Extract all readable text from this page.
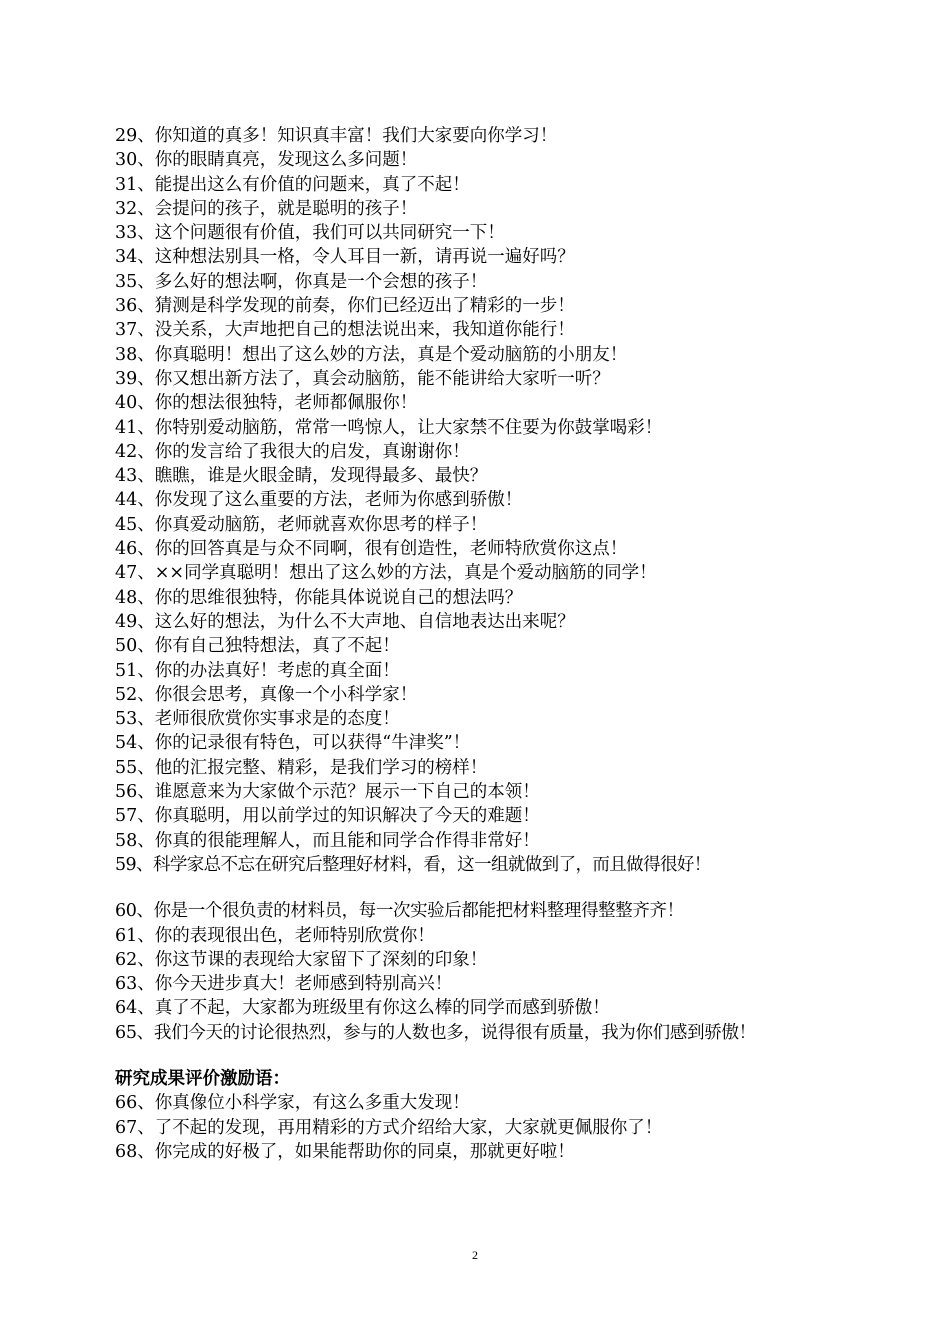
29、你知道的真多！知识真丰富！我们大家要向你学习！
30、你的眼睛真亮，发现这么多问题！
31、能提出这么有价值的问题来，真了不起！
32、会提问的孩子，就是聪明的孩子！
33、这个问题很有价值，我们可以共同研究一下！
34、这种想法别具一格，令人耳目一新，请再说一遍好吗？
35、多么好的想法啊，你真是一个会想的孩子！
36、猜测是科学发现的前奏，你们已经迈出了精彩的一步！
37、没关系，大声地把自己的想法说出来，我知道你能行！
38、你真聪明！想出了这么妙的方法，真是个爱动脑筋的小朋友！
39、你又想出新方法了，真会动脑筋，能不能讲给大家听一听？
40、你的想法很独特，老师都佩服你！
41、你特别爱动脑筋，常常一鸣惊人，让大家禁不住要为你鼓掌喝彩！
42、你的发言给了我很大的启发，真谢谢你！
43、瞧瞧，谁是火眼金睛，发现得最多、最快？
44、你发现了这么重要的方法，老师为你感到骄傲！
45、你真爱动脑筋，老师就喜欢你思考的样子！
46、你的回答真是与众不同啊，很有创造性，老师特欣赏你这点！
47、××同学真聪明！想出了这么妙的方法，真是个爱动脑筋的同学！
48、你的思维很独特，你能具体说说自己的想法吗？
49、这么好的想法，为什么不大声地、自信地表达出来呢？
50、你有自己独特想法，真了不起！
51、你的办法真好！考虑的真全面！
52、你很会思考，真像一个小科学家！
53、老师很欣赏你实事求是的态度！
54、你的记录很有特色，可以获得“牛津奖”！
55、他的汇报完整、精彩，是我们学习的榜样！
56、谁愿意来为大家做个示范？展示一下自己的本领！
57、你真聪明，用以前学过的知识解决了今天的难题！
58、你真的很能理解人，而且能和同学合作得非常好！
59、科学家总不忘在研究后整理好材料，看，这一组就做到了，而且做得很好！
60、你是一个很负责的材料员，每一次实验后都能把材料整理得整整齐齐！
61、你的表现很出色，老师特别欣赏你！
62、你这节课的表现给大家留下了深刻的印象！
63、你今天进步真大！老师感到特别高兴！
64、真了不起，大家都为班级里有你这么棒的同学而感到骄傲！
65、我们今天的讨论很热烈，参与的人数也多，说得很有质量，我为你们感到骄傲！
研究成果评价激励语：
66、你真像位小科学家，有这么多重大发现！
67、了不起的发现，再用精彩的方式介绍给大家，大家就更佩服你了！
68、你完成的好极了，如果能帮助你的同桌，那就更好啦！
2
